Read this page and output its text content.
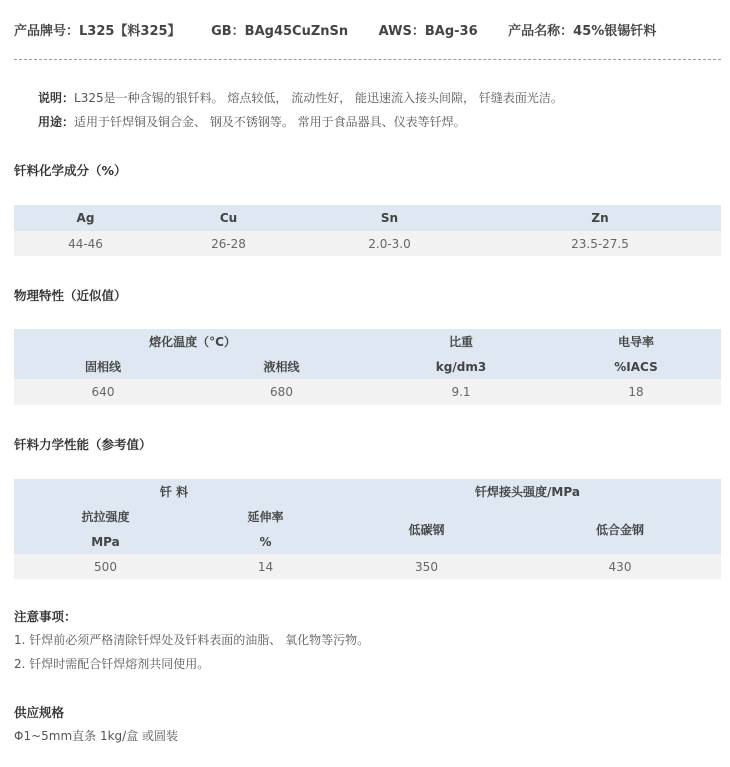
产品牌号：L325【料325】 GB：BAg45CuZnSn AWS：BAg-36 产品名称：45%银锡钎料
说明：L325是一种含锡的银钎料。 熔点较低， 流动性好， 能迅速流入接头间隙， 钎缝表面光洁。
用途：适用于钎焊铜及铜合金、 钢及不锈钢等。 常用于食品器具、仪表等钎焊。
钎料化学成分（%）
Ag	Cu	Sn	Zn
44-46	26-28	2.0-3.0	23.5-27.5
物理特性（近似值）
熔化温度（°C）		比重	电导率
固相线	液相线	kg/dm3	%IACS
640	680	9.1	18
钎料力学性能（参考值）
钎 料		钎焊接头强度/MPa	
抗拉强度	延伸率	低碳钢	低合金钢
MPa	%		
500	14	350	430
注意事项：
1. 钎焊前必须严格清除钎焊处及钎料表面的油脂、 氧化物等污物。
2. 钎焊时需配合钎焊熔剂共同使用。
供应规格
Φ1~5mm直条 1kg/盒 或圆装
